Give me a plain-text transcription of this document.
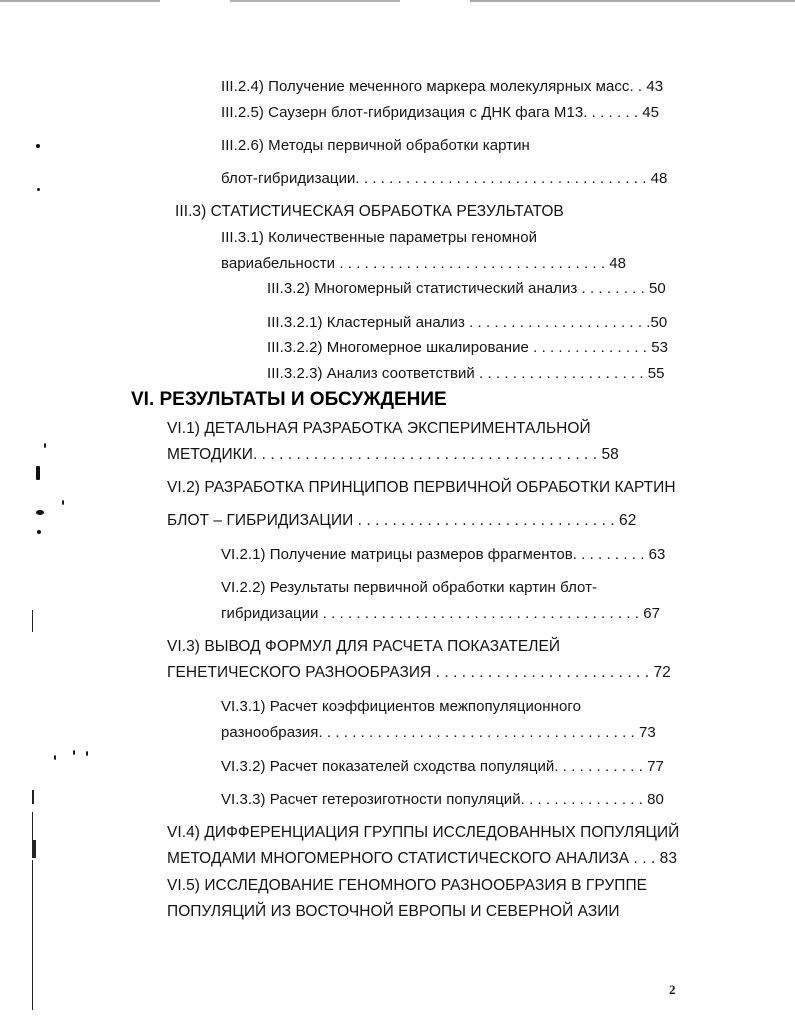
III.2.4) Получение меченного маркера молекулярных масс. . 43
III.2.5) Саузерн блот-гибридизация с ДНК фага М13. . . . . . . 45
III.2.6) Методы первичной обработки картин
блот-гибридизации. . . . . . . . . . . . . . . . . . . . . . . . . . . . . . . . . . . 48
III.3) СТАТИСТИЧЕСКАЯ ОБРАБОТКА РЕЗУЛЬТАТОВ
III.3.1) Количественные параметры геномной
вариабельности . . . . . . . . . . . . . . . . . . . . . . . . . . . . . . . . 48
III.3.2) Многомерный статистический анализ . . . . . . . . 50
III.3.2.1) Кластерный анализ . . . . . . . . . . . . . . . . . . . . . .50
III.3.2.2) Многомерное шкалирование . . . . . . . . . . . . . . 53
III.3.2.3) Анализ соответствий . . . . . . . . . . . . . . . . . . . . 55
VI. РЕЗУЛЬТАТЫ И ОБСУЖДЕНИЕ
VI.1) ДЕТАЛЬНАЯ РАЗРАБОТКА ЭКСПЕРИМЕНТАЛЬНОЙ
МЕТОДИКИ. . . . . . . . . . . . . . . . . . . . . . . . . . . . . . . . . . . . . . . . 58
VI.2) РАЗРАБОТКА ПРИНЦИПОВ ПЕРВИЧНОЙ ОБРАБОТКИ КАРТИН
БЛОТ – ГИБРИДИЗАЦИИ . . . . . . . . . . . . . . . . . . . . . . . . . . . . . . 62
VI.2.1) Получение матрицы размеров фрагментов. . . . . . . . . 63
VI.2.2) Результаты первичной обработки картин блот-
гибридизации . . . . . . . . . . . . . . . . . . . . . . . . . . . . . . . . . . . . . . 67
VI.3) ВЫВОД ФОРМУЛ ДЛЯ РАСЧЕТА ПОКАЗАТЕЛЕЙ
ГЕНЕТИЧЕСКОГО РАЗНООБРАЗИЯ . . . . . . . . . . . . . . . . . . . . . . . . . 72
VI.3.1) Расчет коэффициентов межпопуляционного
разнообразия. . . . . . . . . . . . . . . . . . . . . . . . . . . . . . . . . . . . . . 73
VI.3.2) Расчет показателей сходства популяций. . . . . . . . . . . 77
VI.3.3) Расчет гетерозиготности популяций. . . . . . . . . . . . . . . 80
VI.4) ДИФФЕРЕНЦИАЦИЯ ГРУППЫ ИССЛЕДОВАННЫХ ПОПУЛЯЦИЙ
МЕТОДАМИ МНОГОМЕРНОГО СТАТИСТИЧЕСКОГО АНАЛИЗА . . . 83
VI.5) ИССЛЕДОВАНИЕ ГЕНОМНОГО РАЗНООБРАЗИЯ В ГРУППЕ
ПОПУЛЯЦИЙ ИЗ ВОСТОЧНОЙ ЕВРОПЫ И СЕВЕРНОЙ АЗИИ
2
